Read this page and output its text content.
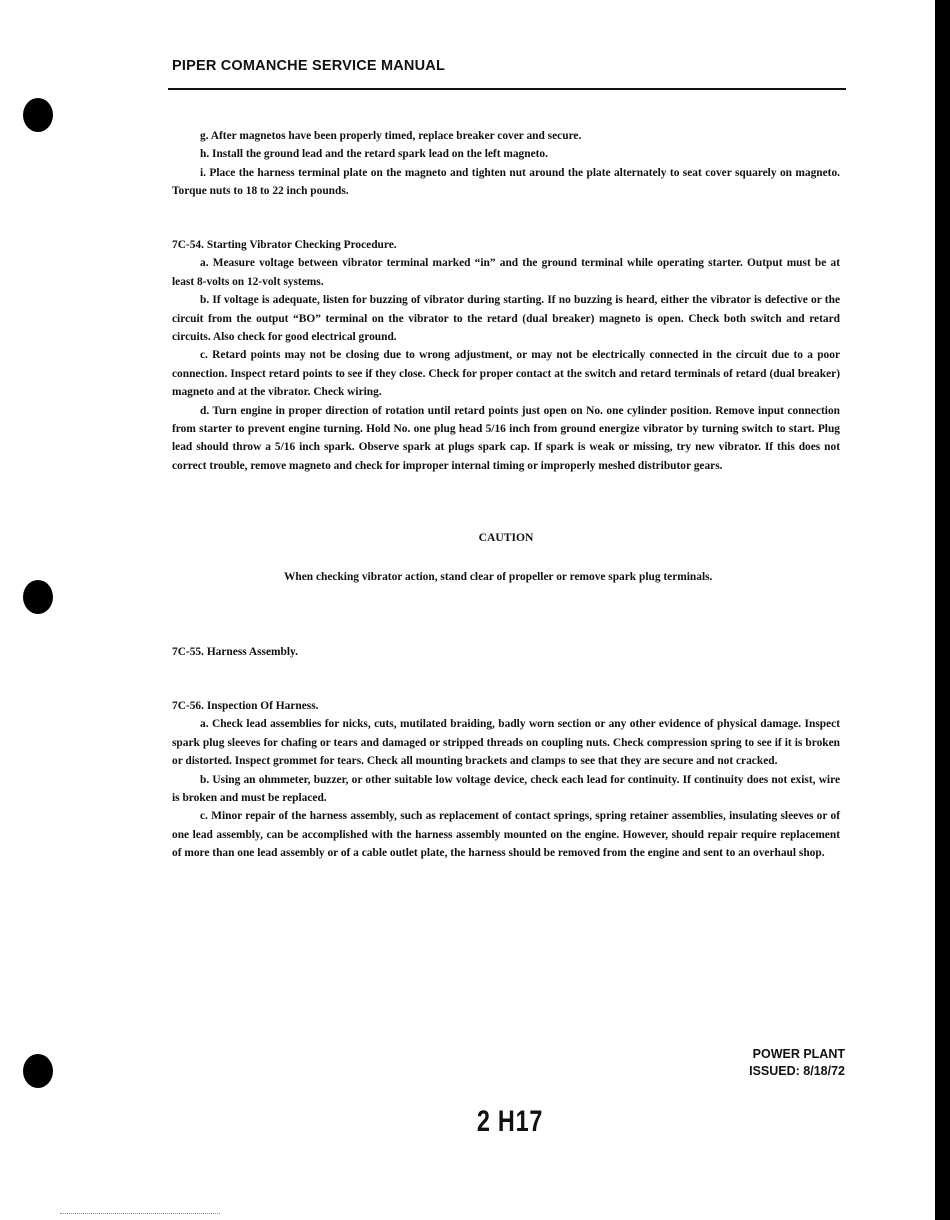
PIPER COMANCHE SERVICE MANUAL

g. After magnetos have been properly timed, replace breaker cover and secure.

h. Install the ground lead and the retard spark lead on the left magneto.

i. Place the harness terminal plate on the magneto and tighten nut around the plate alternately to seat cover squarely on magneto. Torque nuts to 18 to 22 inch pounds.

7C-54. Starting Vibrator Checking Procedure.

a. Measure voltage between vibrator terminal marked “in” and the ground terminal while operating starter. Output must be at least 8-volts on 12-volt systems.

b. If voltage is adequate, listen for buzzing of vibrator during starting. If no buzzing is heard, either the vibrator is defective or the circuit from the output “BO” terminal on the vibrator to the retard (dual breaker) magneto is open. Check both switch and retard circuits. Also check for good electrical ground.

c. Retard points may not be closing due to wrong adjustment, or may not be electrically connected in the circuit due to a poor connection. Inspect retard points to see if they close. Check for proper contact at the switch and retard terminals of retard (dual breaker) magneto and at the vibrator. Check wiring.

d. Turn engine in proper direction of rotation until retard points just open on No. one cylinder position. Remove input connection from starter to prevent engine turning. Hold No. one plug head 5/16 inch from ground energize vibrator by turning switch to start. Plug lead should throw a 5/16 inch spark. Observe spark at plugs spark cap. If spark is weak or missing, try new vibrator. If this does not correct trouble, remove magneto and check for improper internal timing or improperly meshed distributor gears.

CAUTION
When checking vibrator action, stand clear of propeller or remove spark plug terminals.
7C-55. Harness Assembly.
7C-56. Inspection Of Harness.

a. Check lead assemblies for nicks, cuts, mutilated braiding, badly worn section or any other evidence of physical damage. Inspect spark plug sleeves for chafing or tears and damaged or stripped threads on coupling nuts. Check compression spring to see if it is broken or distorted. Inspect grommet for tears. Check all mounting brackets and clamps to see that they are secure and not cracked.

b. Using an ohmmeter, buzzer, or other suitable low voltage device, check each lead for continuity. If continuity does not exist, wire is broken and must be replaced.

c. Minor repair of the harness assembly, such as replacement of contact springs, spring retainer assemblies, insulating sleeves or of one lead assembly, can be accomplished with the harness assembly mounted on the engine. However, should repair require replacement of more than one lead assembly or of a cable outlet plate, the harness should be removed from the engine and sent to an overhaul shop.

POWER PLANT
ISSUED: 8/18/72
2 H17
